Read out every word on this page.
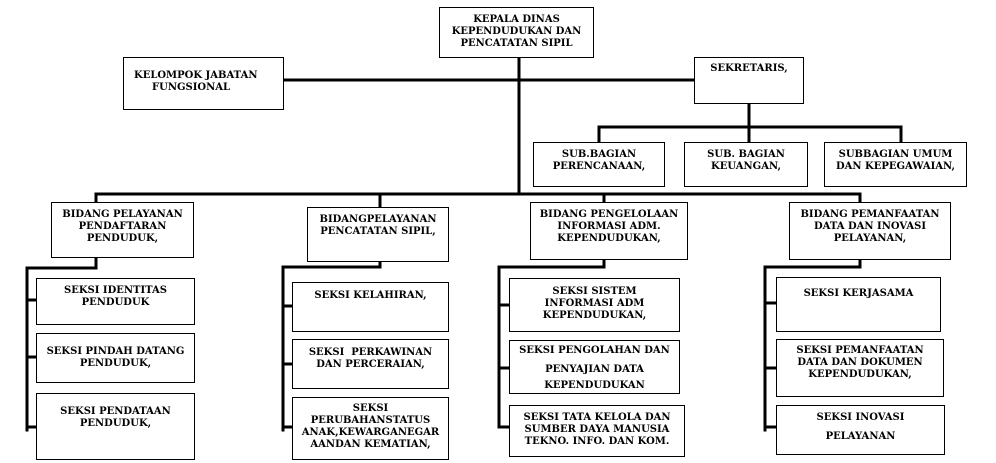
KEPALA DINAS
KEPENDUDUKAN DAN
PENCATATAN SIPIL
KELOMPOK JABATAN
FUNGSIONAL
SEKRETARIS,
SUB.BAGIAN
PERENCANAAN,
SUB. BAGIAN
KEUANGAN,
SUBBAGIAN UMUM
DAN KEPEGAWAIAN,
BIDANG PELAYANAN
PENDAFTARAN
PENDUDUK,
BIDANGPELAYANAN
PENCATATAN SIPIL,
BIDANG PENGELOLAAN
INFORMASI ADM.
KEPENDUDUKAN,
BIDANG PEMANFAATAN
DATA DAN INOVASI
PELAYANAN,
SEKSI IDENTITAS
PENDUDUK
SEKSI PINDAH DATANG
PENDUDUK,
SEKSI PENDATAAN
PENDUDUK,
SEKSI KELAHIRAN,
SEKSI  PERKAWINAN
DAN PERCERAIAN,
SEKSI
PERUBAHANSTATUS
ANAK,KEWARGANEGAR
AANDAN KEMATIAN,
SEKSI SISTEM
INFORMASI ADM
KEPENDUDUKAN,
SEKSI PENGOLAHAN DAN
PENYAJIAN DATA
KEPENDUDUKAN
SEKSI TATA KELOLA DAN
SUMBER DAYA MANUSIA
TEKNO. INFO. DAN KOM.
SEKSI KERJASAMA
SEKSI PEMANFAATAN
DATA DAN DOKUMEN
KEPENDUDUKAN,
SEKSI INOVASI
PELAYANAN
